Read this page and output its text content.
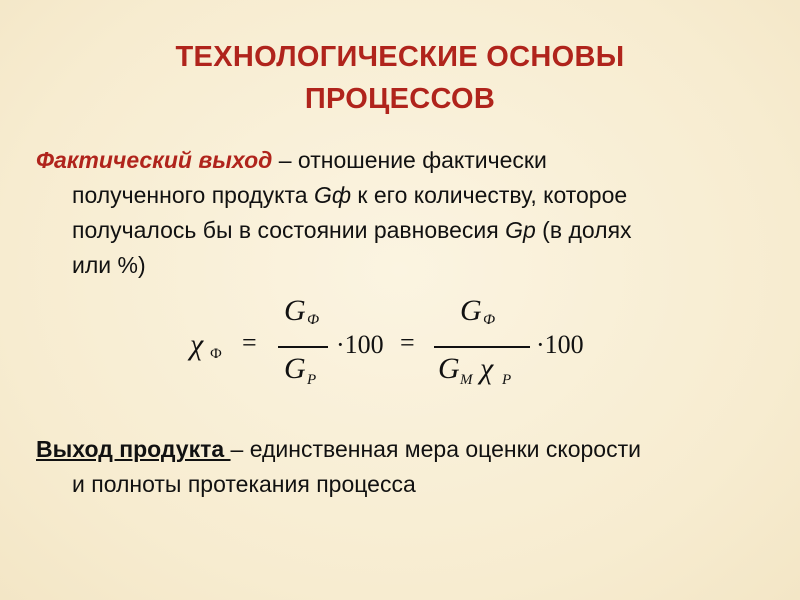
ТЕХНОЛОГИЧЕСКИЕ ОСНОВЫ
ПРОЦЕССОВ
Фактический выход – отношение фактически
полученного продукта Gф к его количеству, которое
получалось бы в состоянии равновесия Gр (в долях
или %)
χ Ф =
G Ф
G Р
·100 =
G Ф
G М χ Р
·100
Выход продукта – единственная мера оценки скорости
и полноты протекания процесса
